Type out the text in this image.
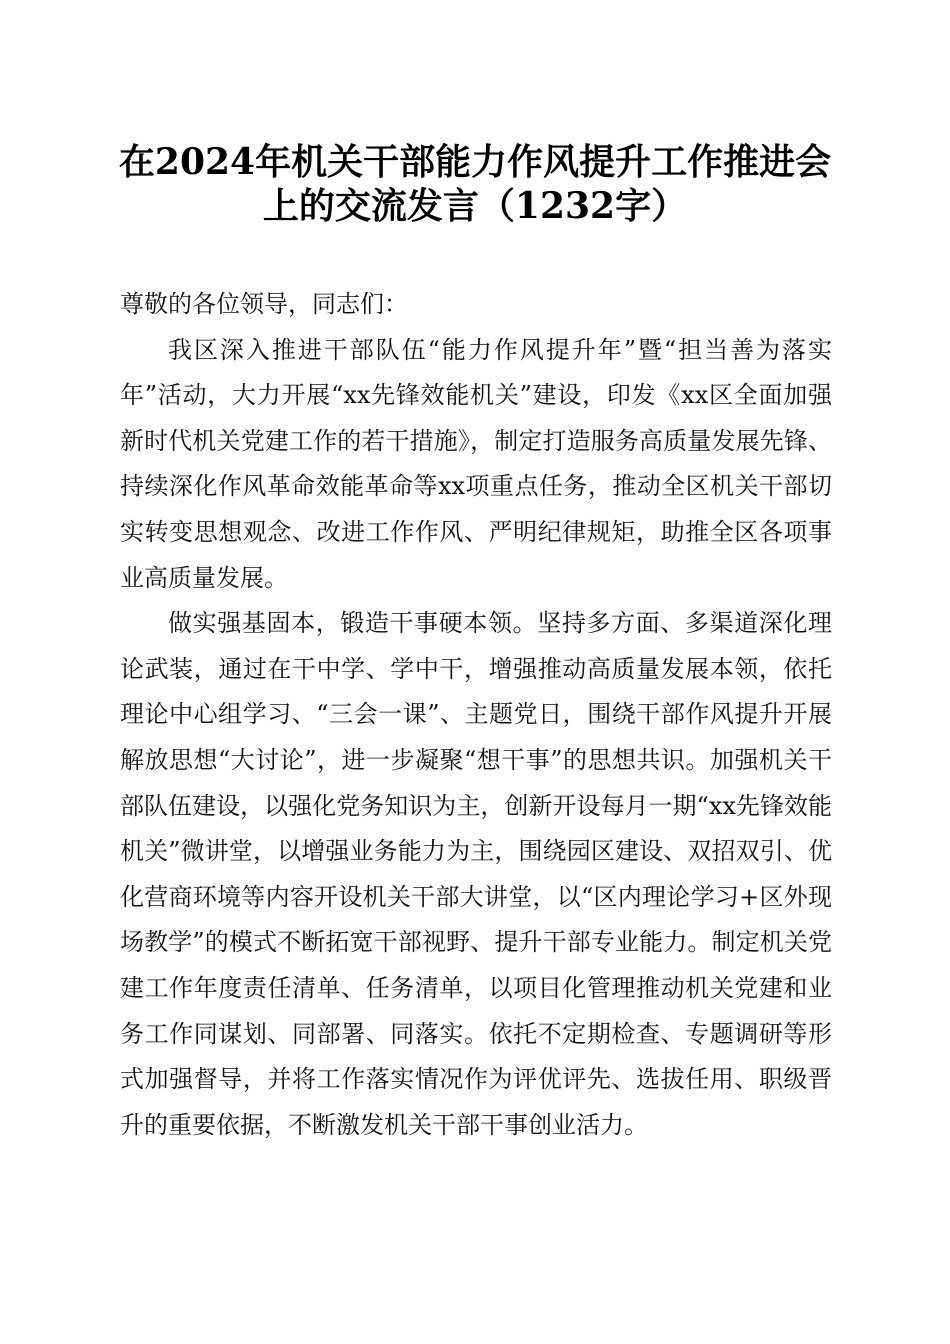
在2024年机关干部能力作风提升工作推进会
上的交流发言（1232字）

尊敬的各位领导，同志们：

我区深入推进干部队伍“能力作风提升年”暨“担当善为落实年”活动，大力开展“xx先锋效能机关”建设，印发《xx区全面加强新时代机关党建工作的若干措施》，制定打造服务高质量发展先锋、持续深化作风革命效能革命等xx项重点任务，推动全区机关干部切实转变思想观念、改进工作作风、严明纪律规矩，助推全区各项事业高质量发展。

做实强基固本，锻造干事硬本领。坚持多方面、多渠道深化理论武装，通过在干中学、学中干，增强推动高质量发展本领，依托理论中心组学习、“三会一课”、主题党日，围绕干部作风提升开展解放思想“大讨论”，进一步凝聚“想干事”的思想共识。加强机关干部队伍建设，以强化党务知识为主，创新开设每月一期“xx先锋效能机关”微讲堂，以增强业务能力为主，围绕园区建设、双招双引、优化营商环境等内容开设机关干部大讲堂，以“区内理论学习+区外现场教学”的模式不断拓宽干部视野、提升干部专业能力。制定机关党建工作年度责任清单、任务清单，以项目化管理推动机关党建和业务工作同谋划、同部署、同落实。依托不定期检查、专题调研等形式加强督导，并将工作落实情况作为评优评先、选拔任用、职级晋升的重要依据，不断激发机关干部干事创业活力。
